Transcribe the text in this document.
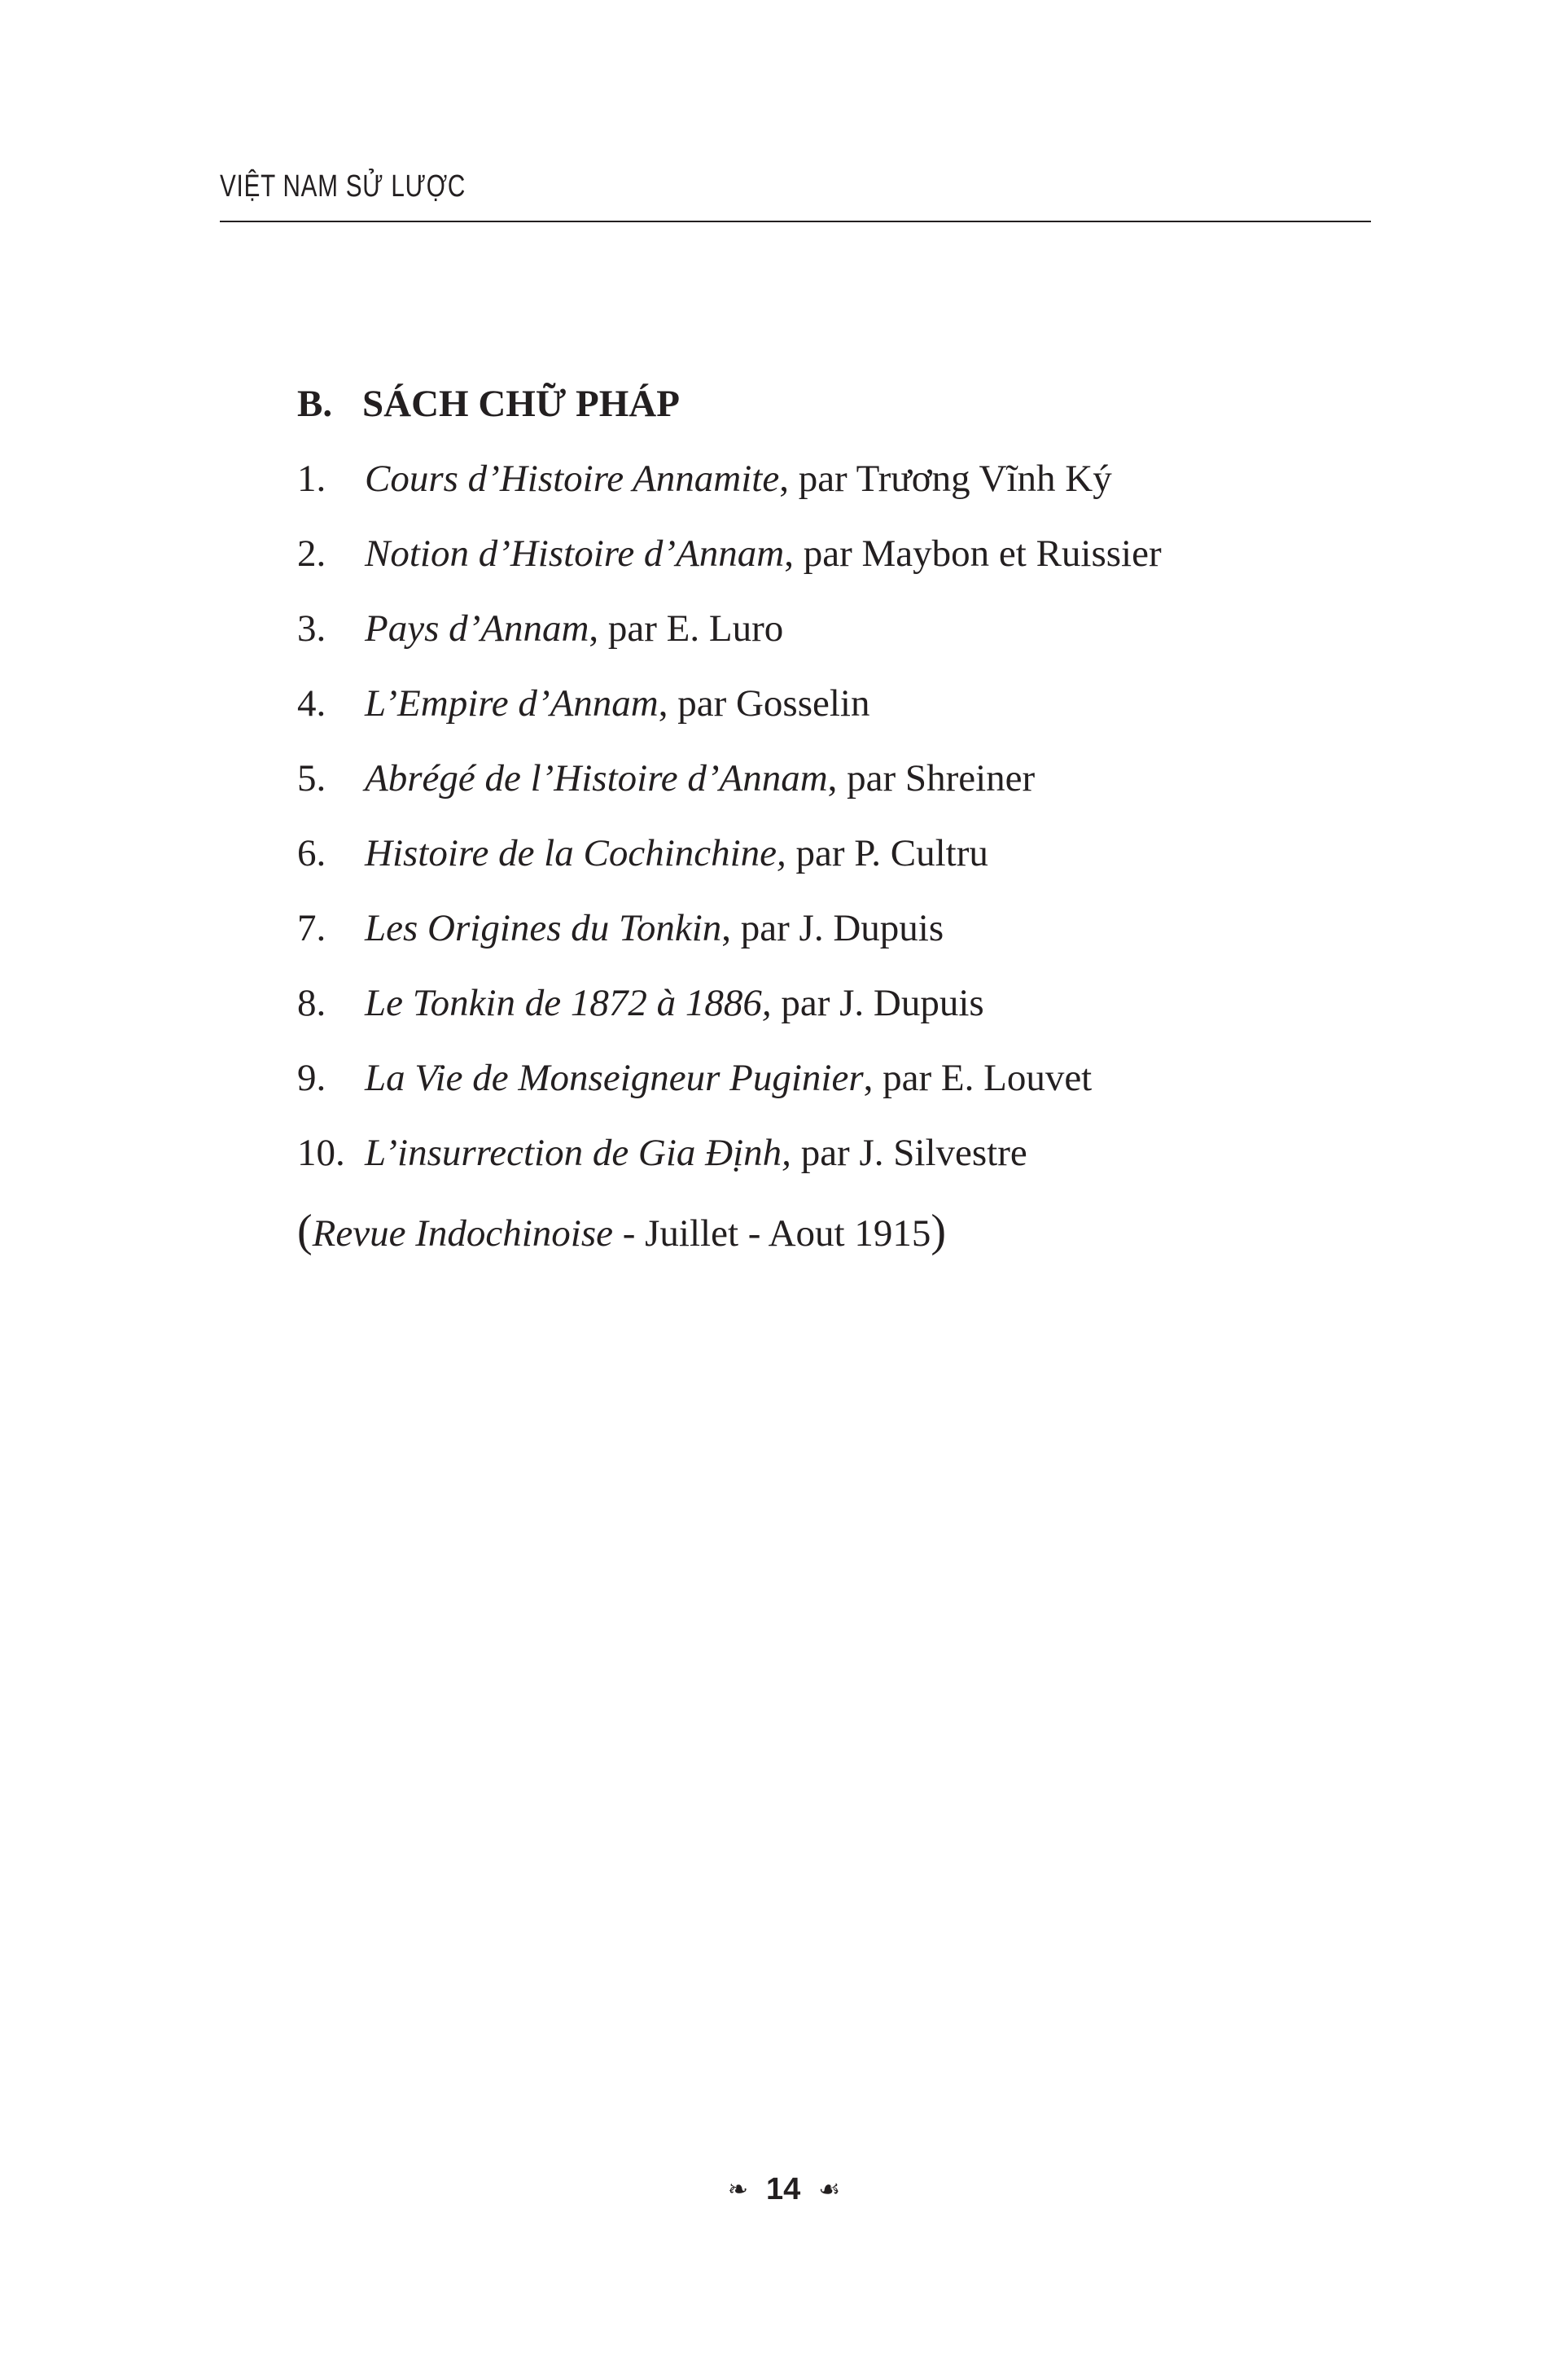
VIỆT NAM SỬ LƯỢC
B. SÁCH CHỮ PHÁP
1. Cours d’Histoire Annamite, par Trương Vĩnh Ký
2. Notion d’Histoire d’Annam, par Maybon et Ruissier
3. Pays d’Annam, par E. Luro
4. L’Empire d’Annam, par Gosselin
5. Abrégé de l’Histoire d’Annam, par Shreiner
6. Histoire de la Cochinchine, par P. Cultru
7. Les Origines du Tonkin, par J. Dupuis
8. Le Tonkin de 1872 à 1886, par J. Dupuis
9. La Vie de Monseigneur Puginier, par E. Louvet
10. L’insurrection de Gia Định, par J. Silvestre
(Revue Indochinoise - Juillet - Aout 1915)
❧ 14 ☙
